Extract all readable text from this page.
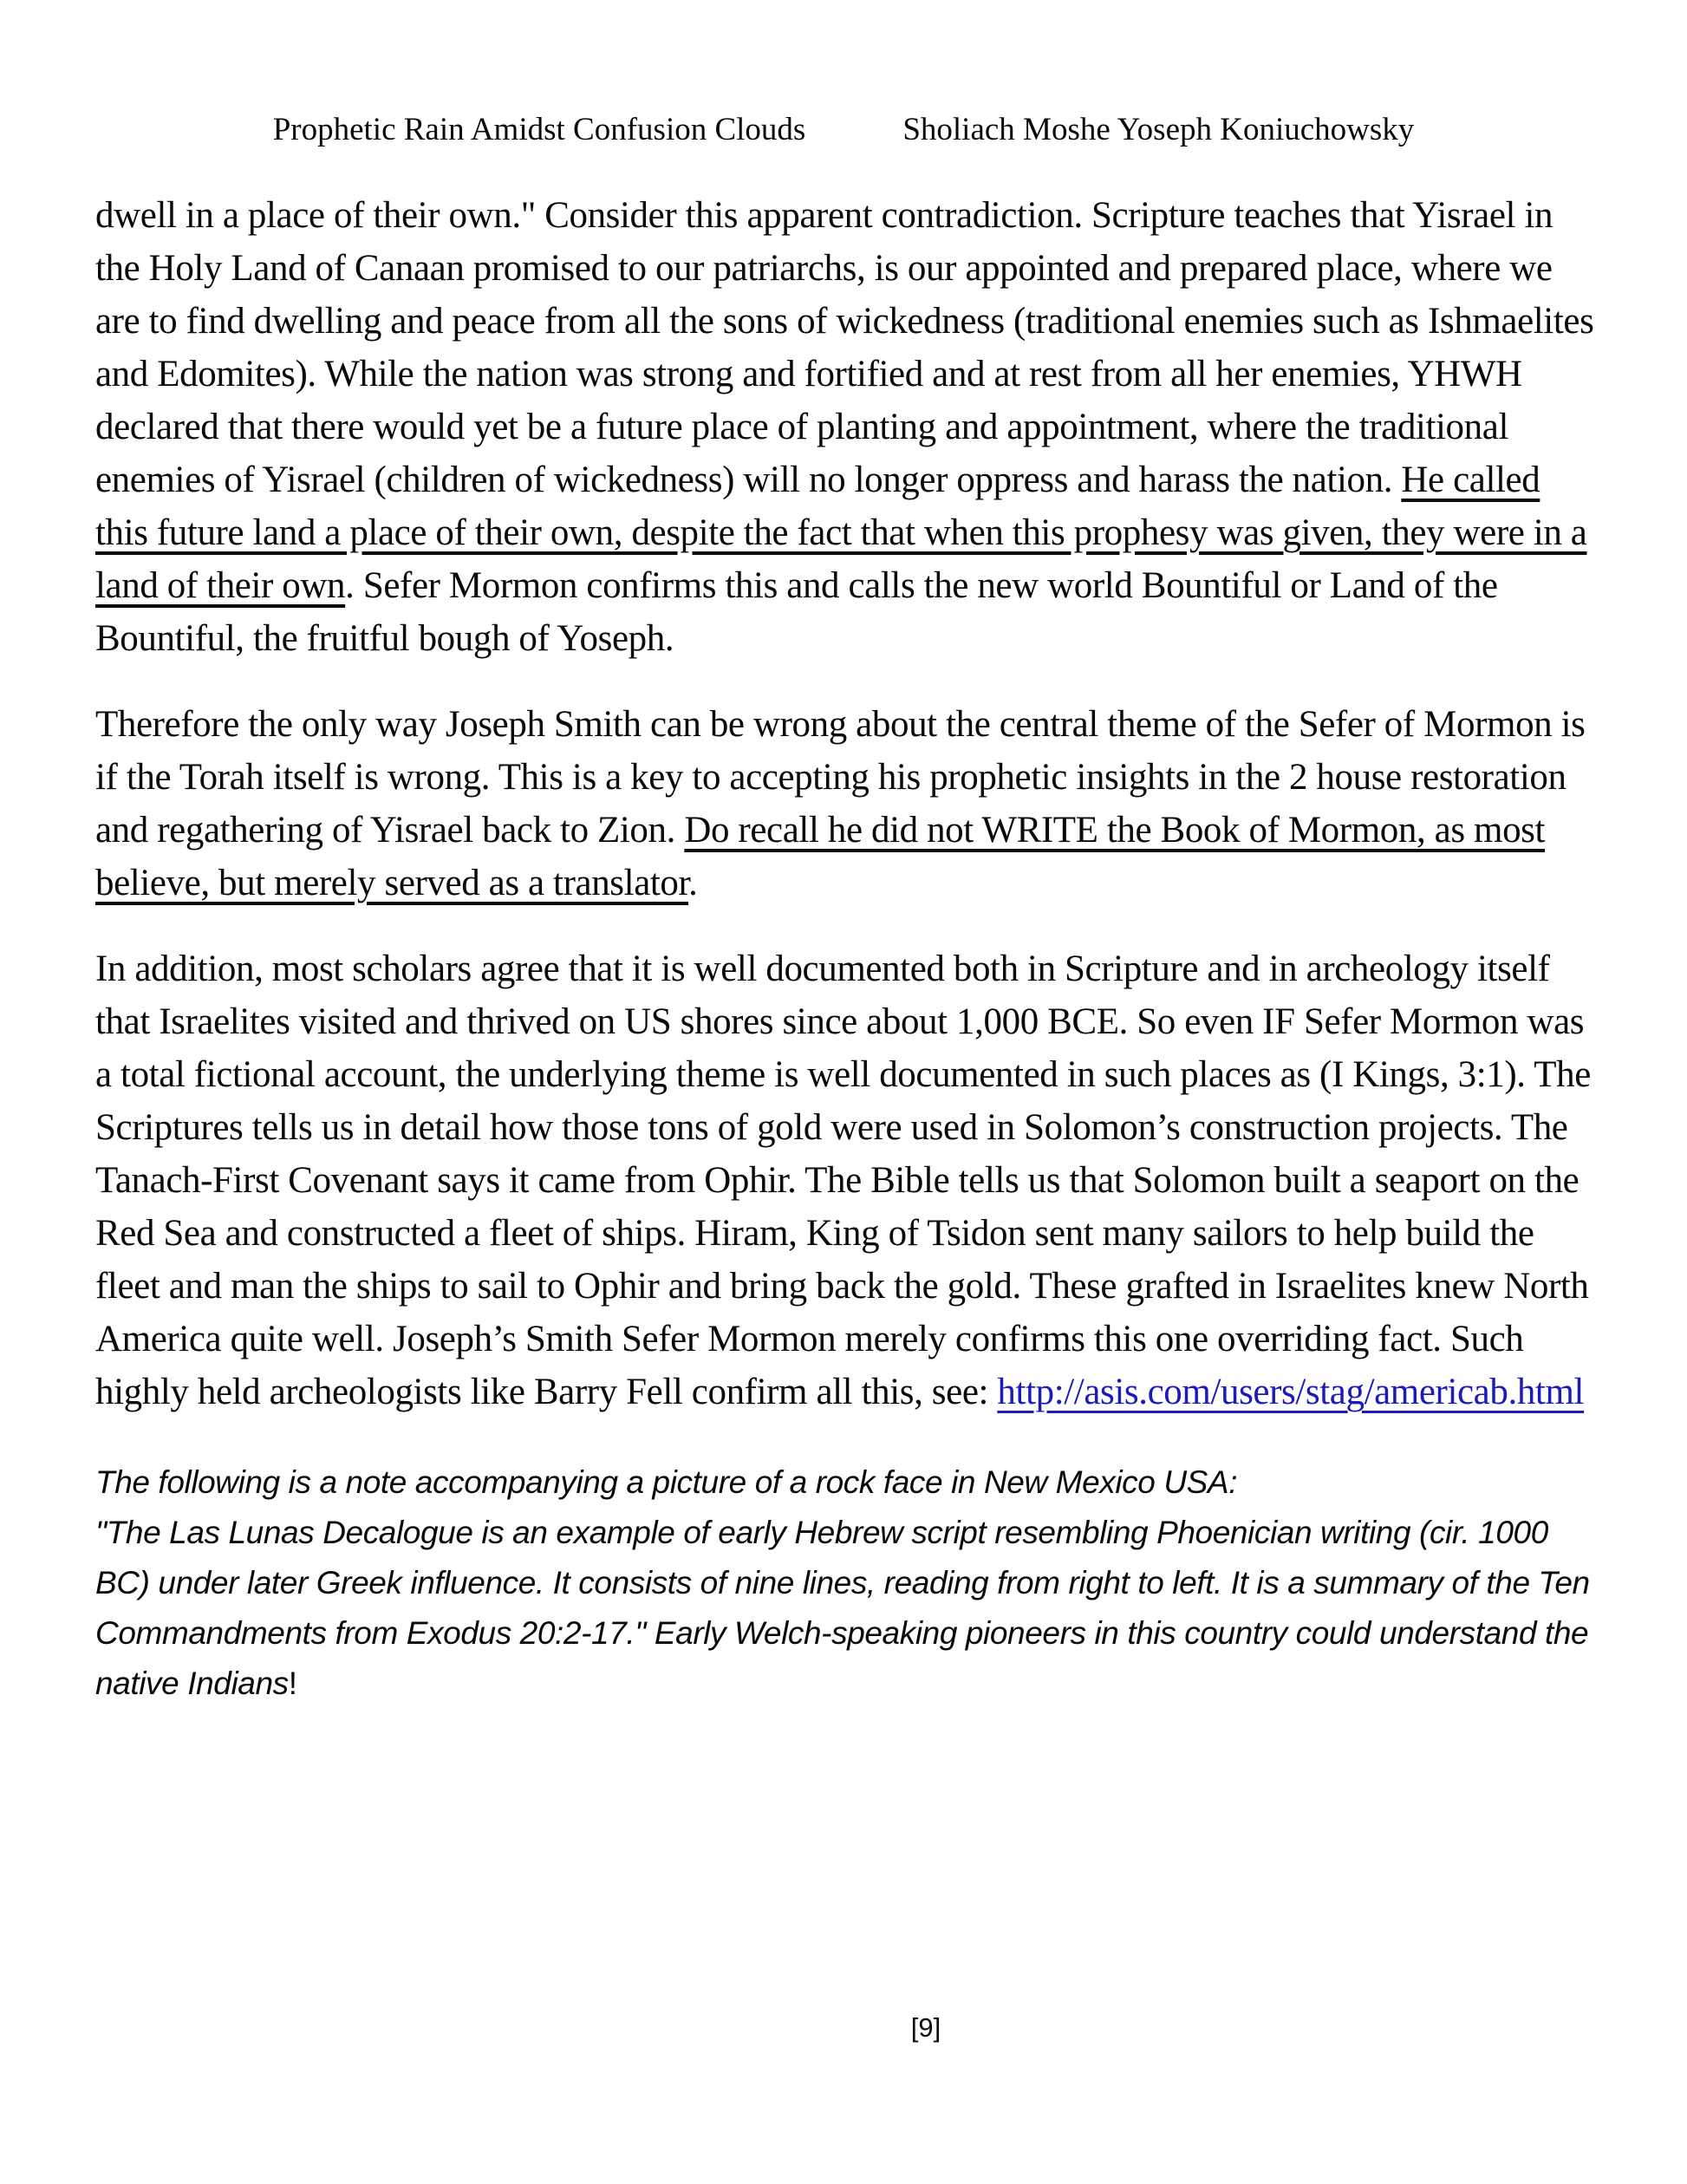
Prophetic Rain Amidst Confusion Clouds	Sholiach Moshe Yoseph Koniuchowsky

dwell in a place of their own." Consider this apparent contradiction. Scripture teaches that Yisrael in the Holy Land of Canaan promised to our patriarchs, is our appointed and prepared place, where we are to find dwelling and peace from all the sons of wickedness (traditional enemies such as Ishmaelites and Edomites). While the nation was strong and fortified and at rest from all her enemies, YHWH declared that there would yet be a future place of planting and appointment, where the traditional enemies of Yisrael (children of wickedness) will no longer oppress and harass the nation. He called this future land a place of their own, despite the fact that when this prophesy was given, they were in a land of their own. Sefer Mormon confirms this and calls the new world Bountiful or Land of the Bountiful, the fruitful bough of Yoseph.

Therefore the only way Joseph Smith can be wrong about the central theme of the Sefer of Mormon is if the Torah itself is wrong. This is a key to accepting his prophetic insights in the 2 house restoration and regathering of Yisrael back to Zion. Do recall he did not WRITE the Book of Mormon, as most believe, but merely served as a translator.

In addition, most scholars agree that it is well documented both in Scripture and in archeology itself that Israelites visited and thrived on US shores since about 1,000 BCE. So even IF Sefer Mormon was a total fictional account, the underlying theme is well documented in such places as (I Kings, 3:1). The Scriptures tells us in detail how those tons of gold were used in Solomon’s construction projects. The Tanach-First Covenant says it came from Ophir. The Bible tells us that Solomon built a seaport on the Red Sea and constructed a fleet of ships. Hiram, King of Tsidon sent many sailors to help build the fleet and man the ships to sail to Ophir and bring back the gold. These grafted in Israelites knew North America quite well. Joseph’s Smith Sefer Mormon merely confirms this one overriding fact. Such highly held archeologists like Barry Fell confirm all this, see: http://asis.com/users/stag/americab.html

The following is a note accompanying a picture of a rock face in New Mexico USA:

"The Las Lunas Decalogue is an example of early Hebrew script resembling Phoenician writing (cir. 1000 BC) under later Greek influence. It consists of nine lines, reading from right to left. It is a summary of the Ten Commandments from Exodus 20:2-17." Early Welch-speaking pioneers in this country could understand the native Indians!

[9]
